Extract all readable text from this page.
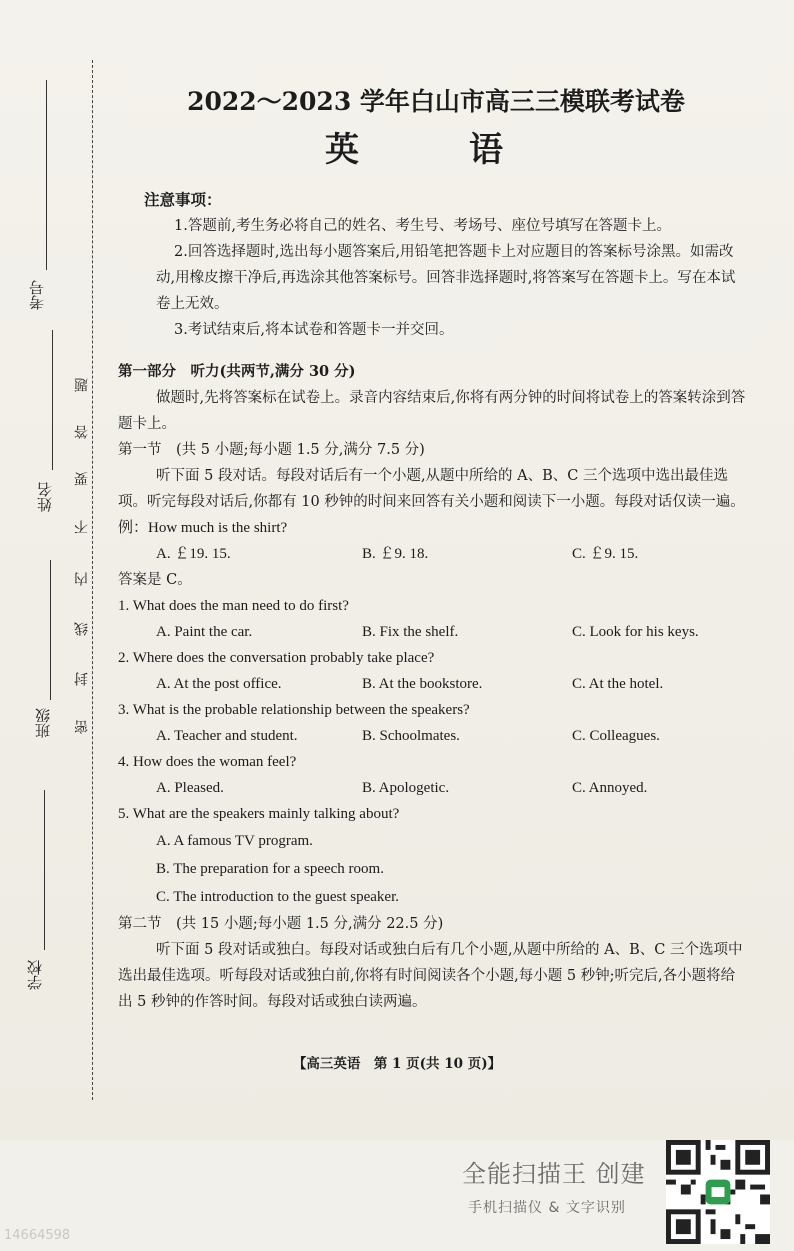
考号
姓名
班级
学校
题
答
要
不
内
线
封
密
2022～2023 学年白山市高三三模联考试卷
英　语

注意事项：

1.答题前,考生务必将自己的姓名、考生号、考场号、座位号填写在答题卡上。

2.回答选择题时,选出每小题答案后,用铅笔把答题卡上对应题目的答案标号涂黑。如需改动,用橡皮擦干净后,再选涂其他答案标号。回答非选择题时,将答案写在答题卡上。写在本试卷上无效。

3.考试结束后,将本试卷和答题卡一并交回。

第一部分　听力(共两节,满分 30 分)

做题时,先将答案标在试卷上。录音内容结束后,你将有两分钟的时间将试卷上的答案转涂到答题卡上。

第一节　(共 5 小题;每小题 1.5 分,满分 7.5 分)

听下面 5 段对话。每段对话后有一个小题,从题中所给的 A、B、C 三个选项中选出最佳选项。听完每段对话后,你都有 10 秒钟的时间来回答有关小题和阅读下一小题。每段对话仅读一遍。

例：How much is the shirt?

A. ￡19. 15.	B. ￡9. 18.	C. ￡9. 15.

答案是 C。

1. What does the man need to do first?

A. Paint the car.	B. Fix the shelf.	C. Look for his keys.

2. Where does the conversation probably take place?

A. At the post office.	B. At the bookstore.	C. At the hotel.

3. What is the probable relationship between the speakers?

A. Teacher and student.	B. Schoolmates.	C. Colleagues.

4. How does the woman feel?

A. Pleased.	B. Apologetic.	C. Annoyed.

5. What are the speakers mainly talking about?

A. A famous TV program.

B. The preparation for a speech room.

C. The introduction to the guest speaker.

第二节　(共 15 小题;每小题 1.5 分,满分 22.5 分)

听下面 5 段对话或独白。每段对话或独白后有几个小题,从题中所给的 A、B、C 三个选项中选出最佳选项。听每段对话或独白前,你将有时间阅读各个小题,每小题 5 秒钟;听完后,各小题将给出 5 秒钟的作答时间。每段对话或独白读两遍。

【高三英语　第 1 页(共 10 页)】
全能扫描王 创建
手机扫描仪 & 文字识别
14664598
